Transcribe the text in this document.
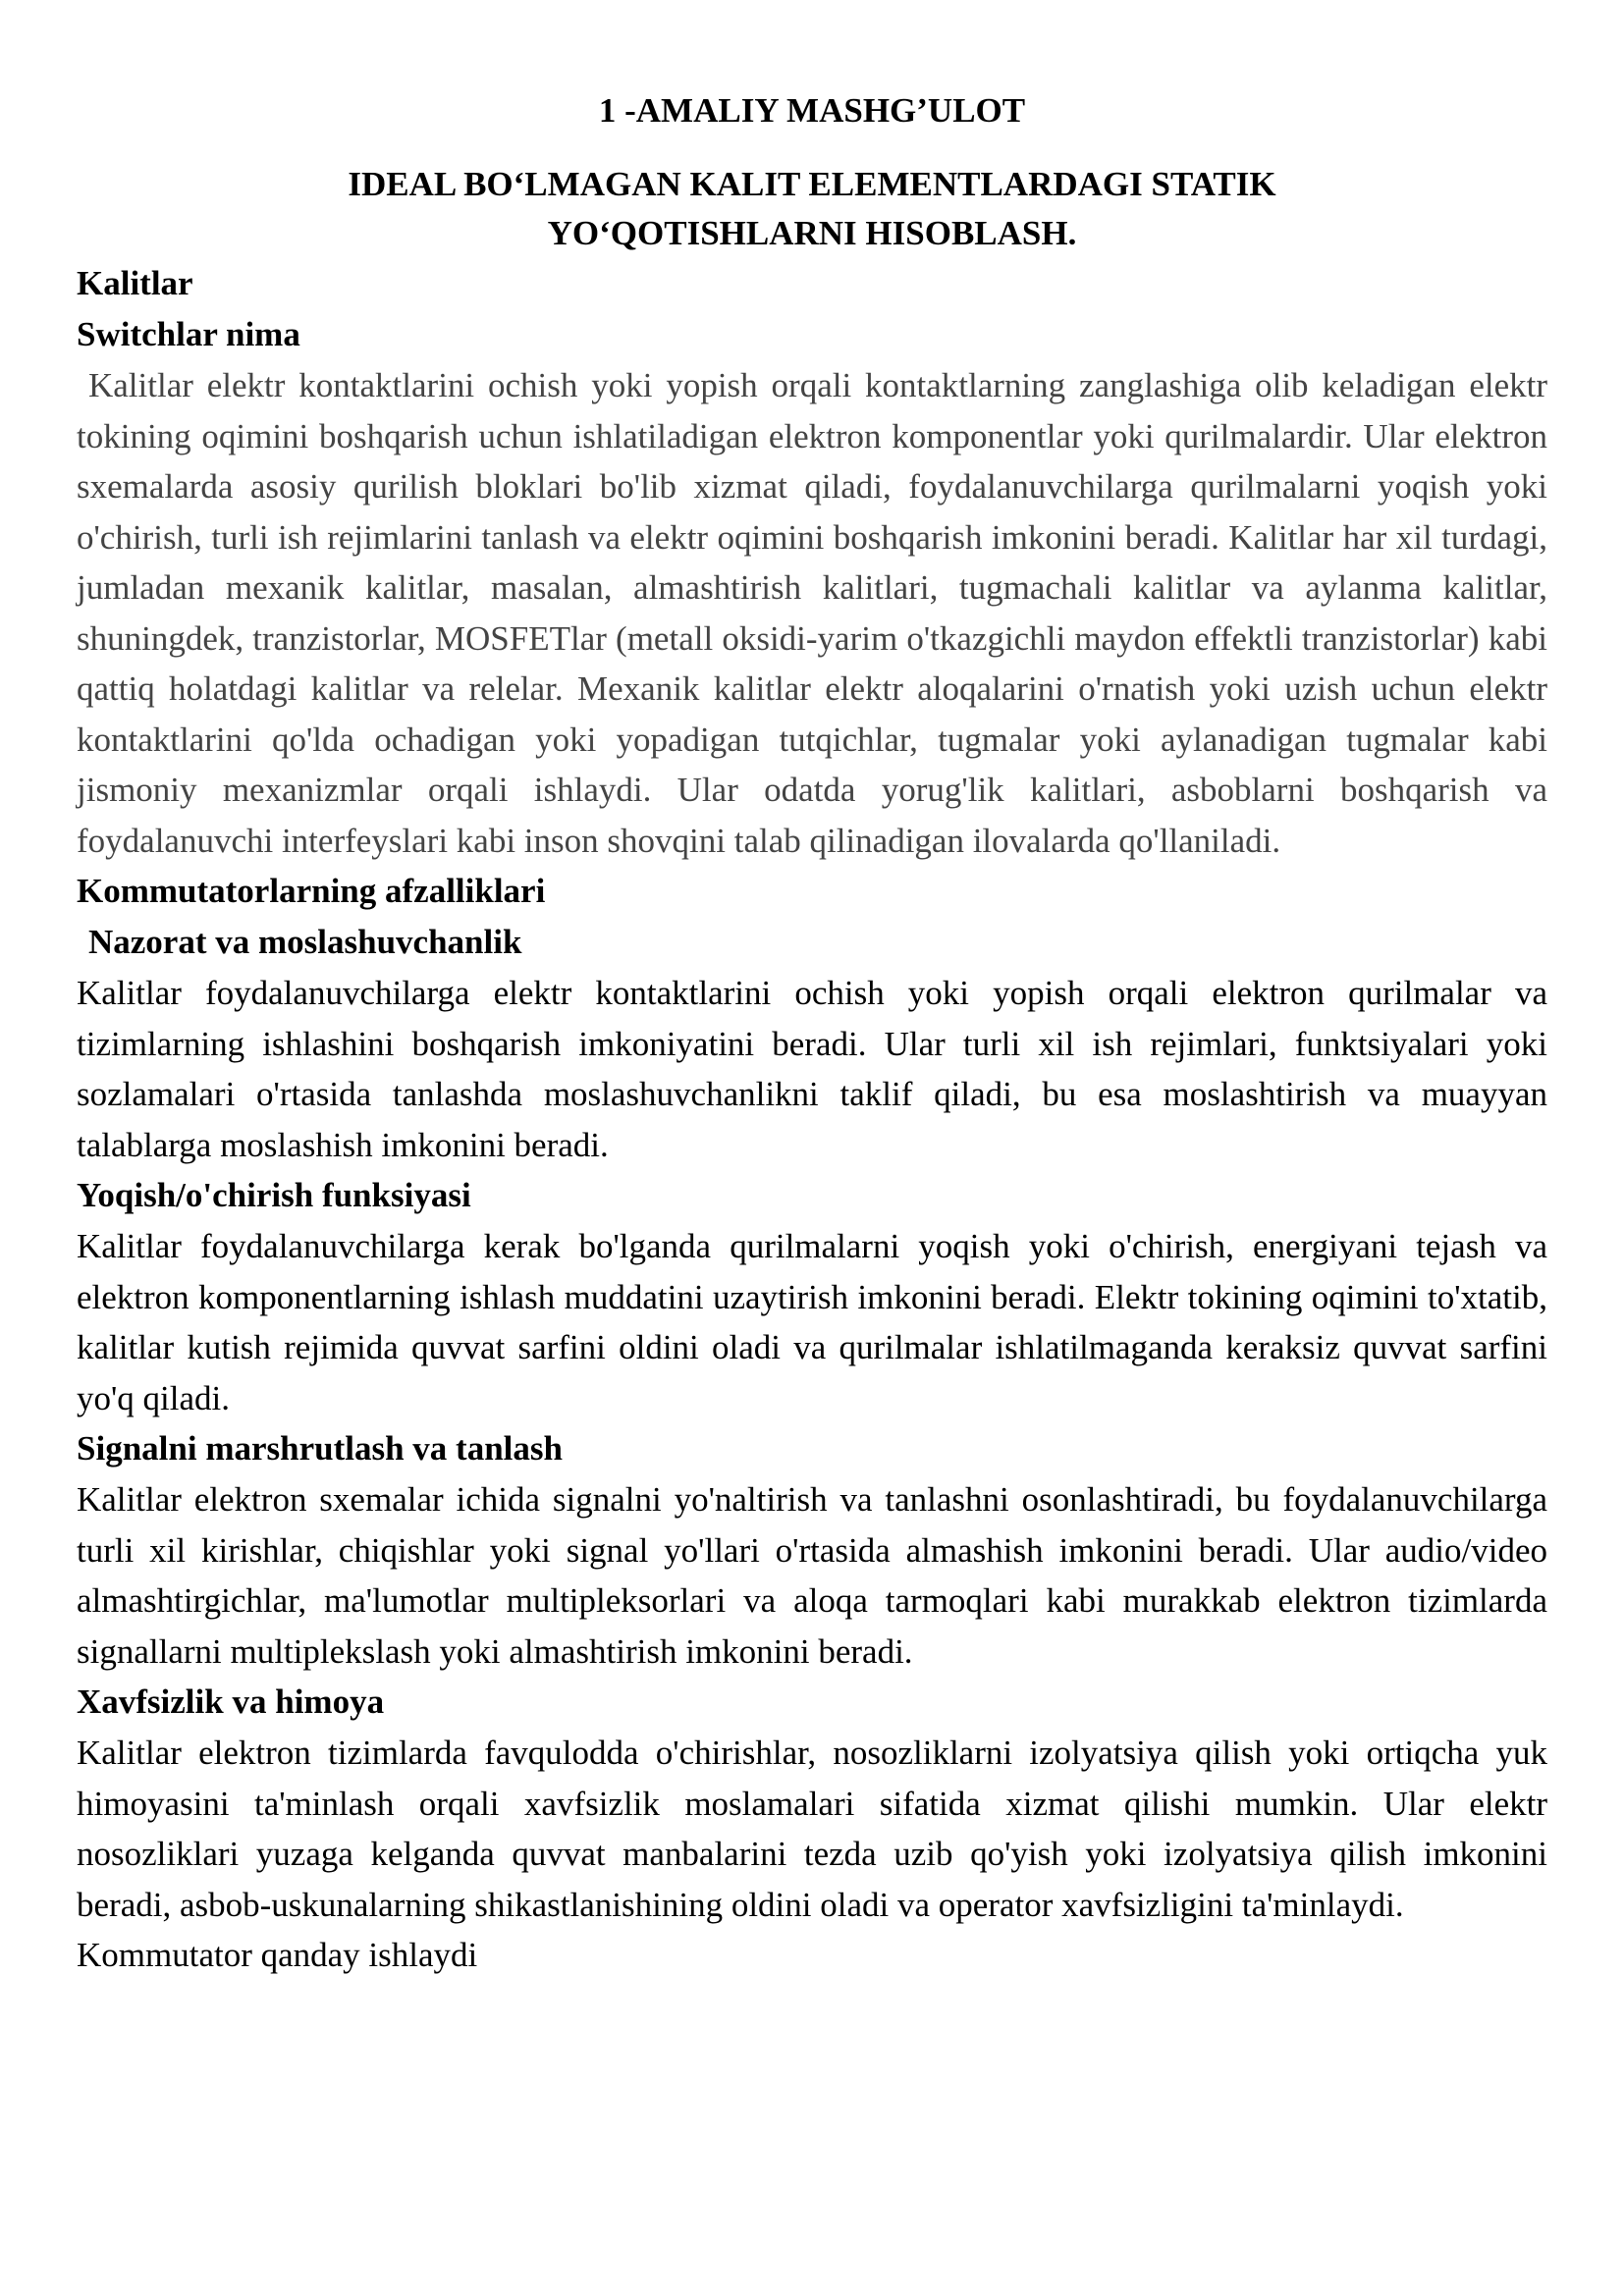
1 -AMALIY MASHG’ULOT

IDEAL BO‘LMAGAN KALIT ELEMENTLARDAGI STATIK

YO‘QOTISHLARNI HISOBLASH.

Kalitlar

Switchlar nima

Kalitlar elektr kontaktlarini ochish yoki yopish orqali kontaktlarning zanglashiga olib keladigan elektr tokining oqimini boshqarish uchun ishlatiladigan elektron komponentlar yoki qurilmalardir. Ular elektron sxemalarda asosiy qurilish bloklari bo'lib xizmat qiladi, foydalanuvchilarga qurilmalarni yoqish yoki o'chirish, turli ish rejimlarini tanlash va elektr oqimini boshqarish imkonini beradi. Kalitlar har xil turdagi, jumladan mexanik kalitlar, masalan, almashtirish kalitlari, tugmachali kalitlar va aylanma kalitlar, shuningdek, tranzistorlar, MOSFETlar (metall oksidi-yarim o'tkazgichli maydon effektli tranzistorlar) kabi qattiq holatdagi kalitlar va relelar. Mexanik kalitlar elektr aloqalarini o'rnatish yoki uzish uchun elektr kontaktlarini qo'lda ochadigan yoki yopadigan tutqichlar, tugmalar yoki aylanadigan tugmalar kabi jismoniy mexanizmlar orqali ishlaydi. Ular odatda yorug'lik kalitlari, asboblarni boshqarish va foydalanuvchi interfeyslari kabi inson shovqini talab qilinadigan ilovalarda qo'llaniladi.

Kommutatorlarning afzalliklari

Nazorat va moslashuvchanlik

Kalitlar foydalanuvchilarga elektr kontaktlarini ochish yoki yopish orqali elektron qurilmalar va tizimlarning ishlashini boshqarish imkoniyatini beradi. Ular turli xil ish rejimlari, funktsiyalari yoki sozlamalari o'rtasida tanlashda moslashuvchanlikni taklif qiladi, bu esa moslashtirish va muayyan talablarga moslashish imkonini beradi.

Yoqish/o'chirish funksiyasi

Kalitlar foydalanuvchilarga kerak bo'lganda qurilmalarni yoqish yoki o'chirish, energiyani tejash va elektron komponentlarning ishlash muddatini uzaytirish imkonini beradi. Elektr tokining oqimini to'xtatib, kalitlar kutish rejimida quvvat sarfini oldini oladi va qurilmalar ishlatilmaganda keraksiz quvvat sarfini yo'q qiladi.

Signalni marshrutlash va tanlash

Kalitlar elektron sxemalar ichida signalni yo'naltirish va tanlashni osonlashtiradi, bu foydalanuvchilarga turli xil kirishlar, chiqishlar yoki signal yo'llari o'rtasida almashish imkonini beradi. Ular audio/video almashtirgichlar, ma'lumotlar multipleksorlari va aloqa tarmoqlari kabi murakkab elektron tizimlarda signallarni multiplekslash yoki almashtirish imkonini beradi.

Xavfsizlik va himoya

Kalitlar elektron tizimlarda favqulodda o'chirishlar, nosozliklarni izolyatsiya qilish yoki ortiqcha yuk himoyasini ta'minlash orqali xavfsizlik moslamalari sifatida xizmat qilishi mumkin. Ular elektr nosozliklari yuzaga kelganda quvvat manbalarini tezda uzib qo'yish yoki izolyatsiya qilish imkonini beradi, asbob-uskunalarning shikastlanishining oldini oladi va operator xavfsizligini ta'minlaydi.

Kommutator qanday ishlaydi
